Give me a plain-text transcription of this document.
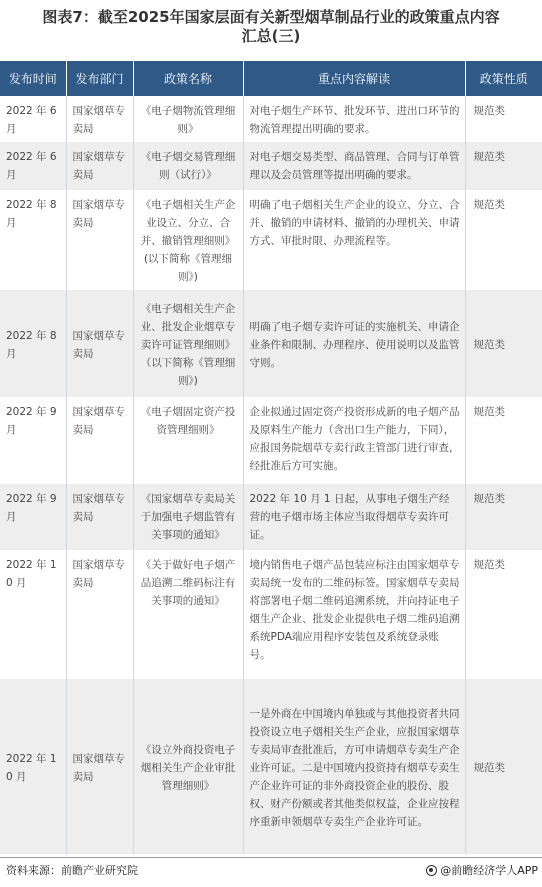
图表7：截至2025年国家层面有关新型烟草制品行业的政策重点内容
汇总(三)
发布时间	发布部门	政策名称	重点内容解读	政策性质
2022 年 6 月	国家烟草专卖局	《电子烟物流管理细则》	对电子烟生产环节、批发环节、进出口环节的物流管理提出明确的要求。	规范类
2022 年 6 月	国家烟草专卖局	《电子烟交易管理细则（试行）》	对电子烟交易类型、商品管理、合同与订单管理以及会员管理等提出明确的要求。	规范类
2022 年 8 月	国家烟草专卖局	《电子烟相关生产企业设立、分立、合并、撤销管理细则》(以下简称《管理细则》)	明确了电子烟相关生产企业的设立、分立、合并、撤销的申请材料、撤销的办理机关、申请方式、审批时限、办理流程等。	规范类
2022 年 8 月	国家烟草专卖局	《电子烟相关生产企业、批发企业烟草专卖许可证管理细则》（以下简称《管理细则》)	明确了电子烟专卖许可证的实施机关、申请企业条件和限制、办理程序、使用说明以及监管守则。	规范类
2022 年 9 月	国家烟草专卖局	《电子烟固定资产投资管理细则》	企业拟通过固定资产投资形成新的电子烟产品及原料生产能力（含出口生产能力，下同），应报国务院烟草专卖行政主管部门进行审查，经批准后方可实施。	规范类
2022 年 9 月	国家烟草专卖局	《国家烟草专卖局关于加强电子烟监管有关事项的通知》	2022 年 10 月 1 日起，从事电子烟生产经营的电子烟市场主体应当取得烟草专卖许可证。	规范类
2022 年 10 月	国家烟草专卖局	《关于做好电子烟产品追溯二维码标注有关事项的通知》	境内销售电子烟产品包装应标注由国家烟草专卖局统一发布的二维码标签。国家烟草专卖局将部署电子烟二维码追溯系统，并向持证电子烟生产企业、批发企业提供电子烟二维码追溯系统PDA端应用程序安装包及系统登录账号。	规范类
2022 年 10 月	国家烟草专卖局	《设立外商投资电子烟相关生产企业审批管理细则》	一是外商在中国境内单独或与其他投资者共同投资设立电子烟相关生产企业，应报国家烟草专卖局审查批准后，方可申请烟草专卖生产企业许可证。二是中国境内投资持有烟草专卖生产企业许可证的非外商投资企业的股份、股权、财产份额或者其他类似权益，企业应按程序重新申领烟草专卖生产企业许可证。	规范类
资料来源：前瞻产业研究院	@前瞻经济学人APP
